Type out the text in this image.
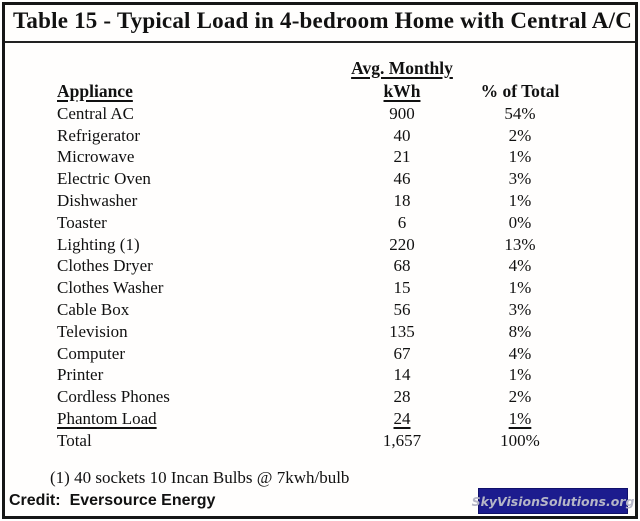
Table 15 - Typical Load in 4-bedroom Home with Central A/C
Avg. Monthly
Appliance	kWh	% of Total
Central AC	900	54%
Refrigerator	40	2%
Microwave	21	1%
Electric Oven	46	3%
Dishwasher	18	1%
Toaster	6	0%
Lighting (1)	220	13%
Clothes Dryer	68	4%
Clothes Washer	15	1%
Cable Box	56	3%
Television	135	8%
Computer	67	4%
Printer	14	1%
Cordless Phones	28	2%
Phantom Load	24	1%
Total	1,657	100%
(1) 40 sockets 10 Incan Bulbs @ 7kwh/bulb
Credit: Eversource Energy	SkyVisionSolutions.org
